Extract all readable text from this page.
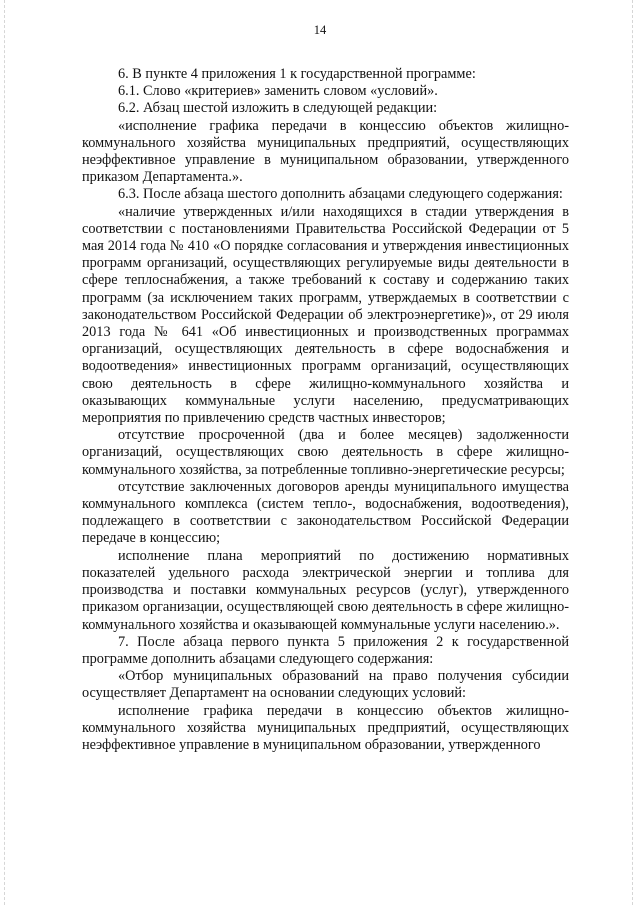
14

6. В пункте 4 приложения 1 к государственной программе:

6.1. Слово «критериев» заменить словом «условий».

6.2. Абзац шестой изложить в следующей редакции:

«исполнение графика передачи в концессию объектов жилищно-коммунального хозяйства муниципальных предприятий, осуществляющих неэффективное управление в муниципальном образовании, утвержденного приказом Департамента.».

6.3. После абзаца шестого дополнить абзацами следующего содержания:

«наличие утвержденных и/или находящихся в стадии утверждения в соответствии с постановлениями Правительства Российской Федерации от 5 мая 2014 года № 410 «О порядке согласования и утверждения инвестиционных программ организаций, осуществляющих регулируемые виды деятельности в сфере теплоснабжения, а также требований к составу и содержанию таких программ (за исключением таких программ, утверждаемых в соответствии с законодательством Российской Федерации об электроэнергетике)», от 29 июля 2013 года № 641 «Об инвестиционных и производственных программах организаций, осуществляющих деятельность в сфере водоснабжения и водоотведения» инвестиционных программ организаций, осуществляющих свою деятельность в сфере жилищно-коммунального хозяйства и оказывающих коммунальные услуги населению, предусматривающих мероприятия по привлечению средств частных инвесторов;

отсутствие просроченной (два и более месяцев) задолженности организаций, осуществляющих свою деятельность в сфере жилищно-коммунального хозяйства, за потребленные топливно-энергетические ресурсы;

отсутствие заключенных договоров аренды муниципального имущества коммунального комплекса (систем тепло-, водоснабжения, водоотведения), подлежащего в соответствии с законодательством Российской Федерации передаче в концессию;

исполнение плана мероприятий по достижению нормативных показателей удельного расхода электрической энергии и топлива для производства и поставки коммунальных ресурсов (услуг), утвержденного приказом организации, осуществляющей свою деятельность в сфере жилищно-коммунального хозяйства и оказывающей коммунальные услуги населению.».

7. После абзаца первого пункта 5 приложения 2 к государственной программе дополнить абзацами следующего содержания:

«Отбор муниципальных образований на право получения субсидии осуществляет Департамент на основании следующих условий:

исполнение графика передачи в концессию объектов жилищно-коммунального хозяйства муниципальных предприятий, осуществляющих неэффективное управление в муниципальном образовании, утвержденного
